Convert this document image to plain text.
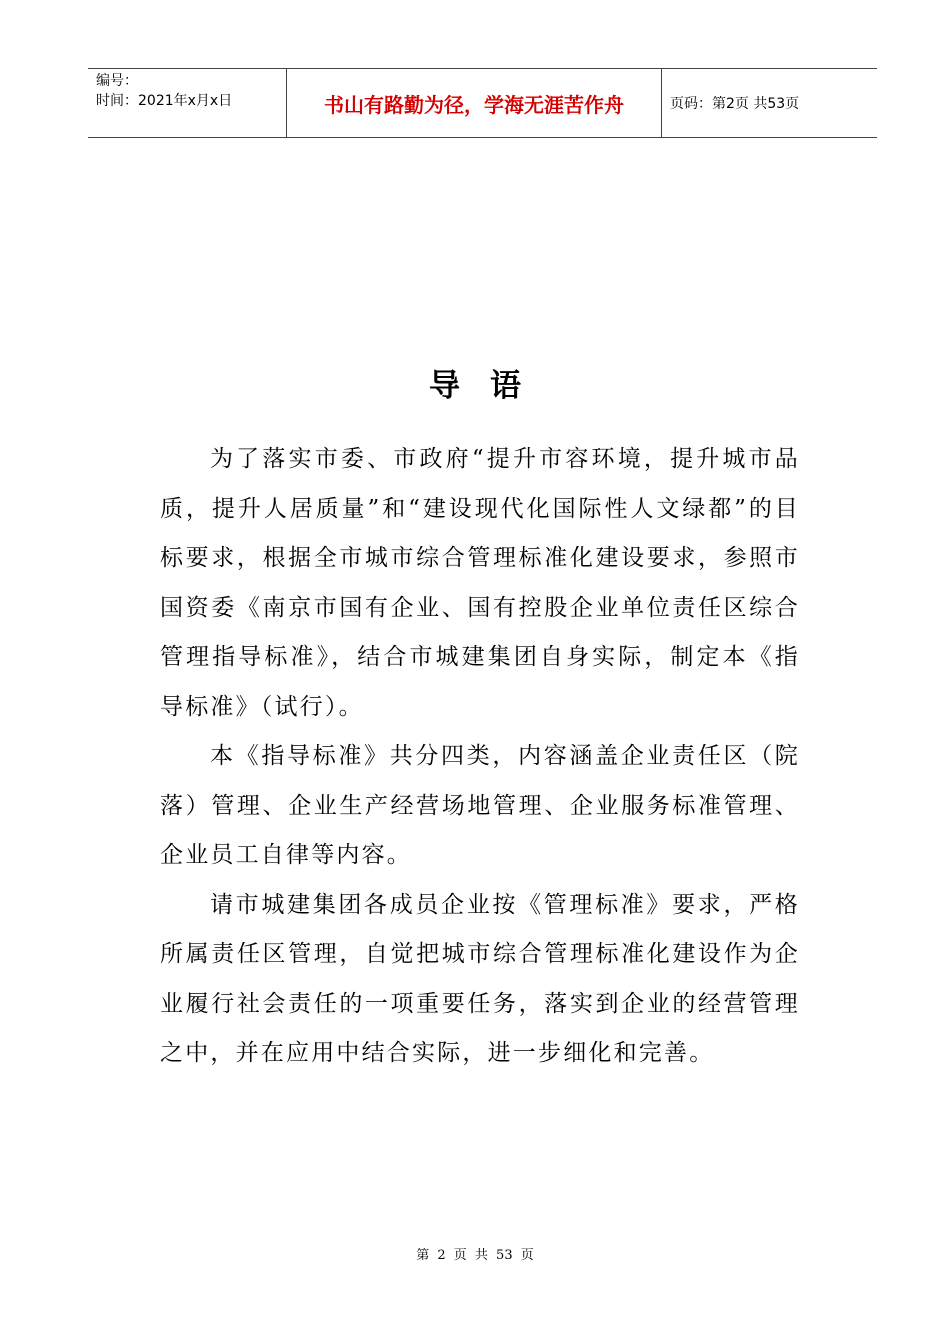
编号：
时间：2021年x月x日	书山有路勤为径，学海无涯苦作舟	页码：第2页 共53页
导语

为了落实市委、市政府“提升市容环境，提升城市品质，提升人居质量”和“建设现代化国际性人文绿都”的目标要求，根据全市城市综合管理标准化建设要求，参照市国资委《南京市国有企业、国有控股企业单位责任区综合管理指导标准》，结合市城建集团自身实际，制定本《指导标准》（试行）。

本《指导标准》共分四类，内容涵盖企业责任区（院落）管理、企业生产经营场地管理、企业服务标准管理、企业员工自律等内容。

请市城建集团各成员企业按《管理标准》要求，严格所属责任区管理，自觉把城市综合管理标准化建设作为企业履行社会责任的一项重要任务，落实到企业的经营管理之中，并在应用中结合实际，进一步细化和完善。

第 2 页 共 53 页
